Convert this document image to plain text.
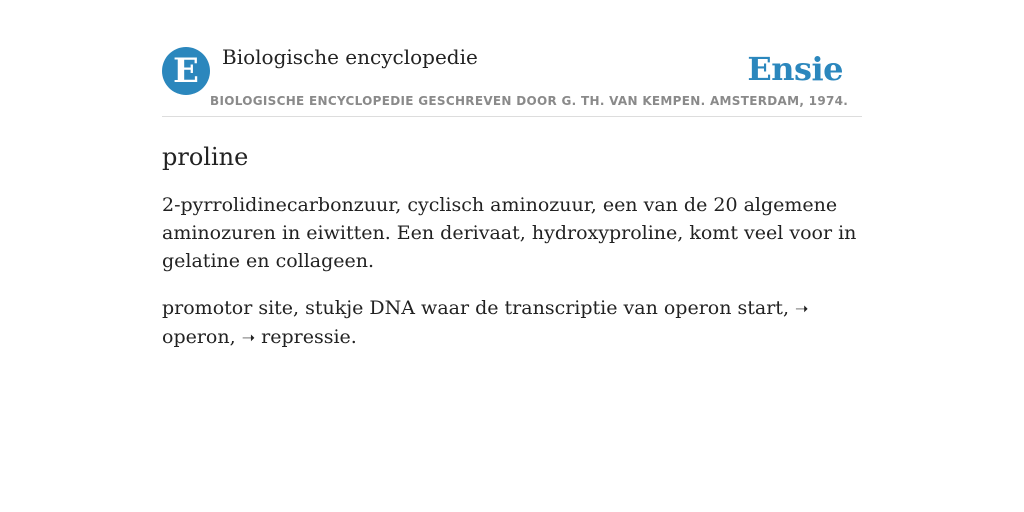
E	Biologische encyclopedie	Ensie
BIOLOGISCHE ENCYCLOPEDIE GESCHREVEN DOOR G. TH. VAN KEMPEN. AMSTERDAM, 1974.
proline

2-pyrrolidinecarbonzuur, cyclisch aminozuur, een van de 20 algemene aminozuren in eiwitten. Een derivaat, hydroxyproline, komt veel voor in gelatine en collageen.

promotor site, stukje DNA waar de transcriptie van operon start, ➝ operon, ➝ repressie.
